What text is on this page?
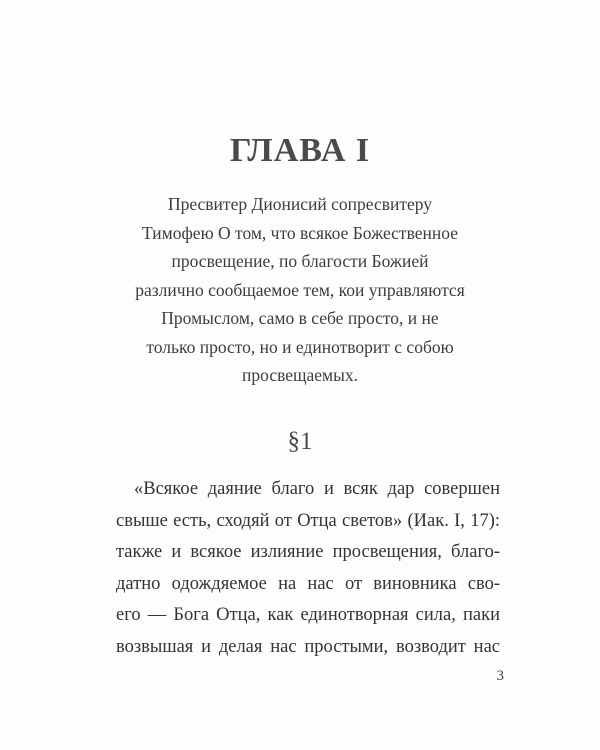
ГЛАВА I
Пресвитер Дионисий сопресвитеру
Тимофею О том, что всякое Божественное
просвещение, по благости Божией
различно сообщаемое тем, кои управляются
Промыслом, само в себе просто, и не
только просто, но и единотворит с собою
просвещаемых.
§1
«Всякое даяние благо и всяк дар совершен
свыше есть, сходяй от Отца светов» (Иак. I, 17):
также и всякое излияние просвещения, благо-
датно одождяемое на нас от виновника сво-
его — Бога Отца, как единотворная сила, паки
возвышая и делая нас простыми, возводит нас
3
